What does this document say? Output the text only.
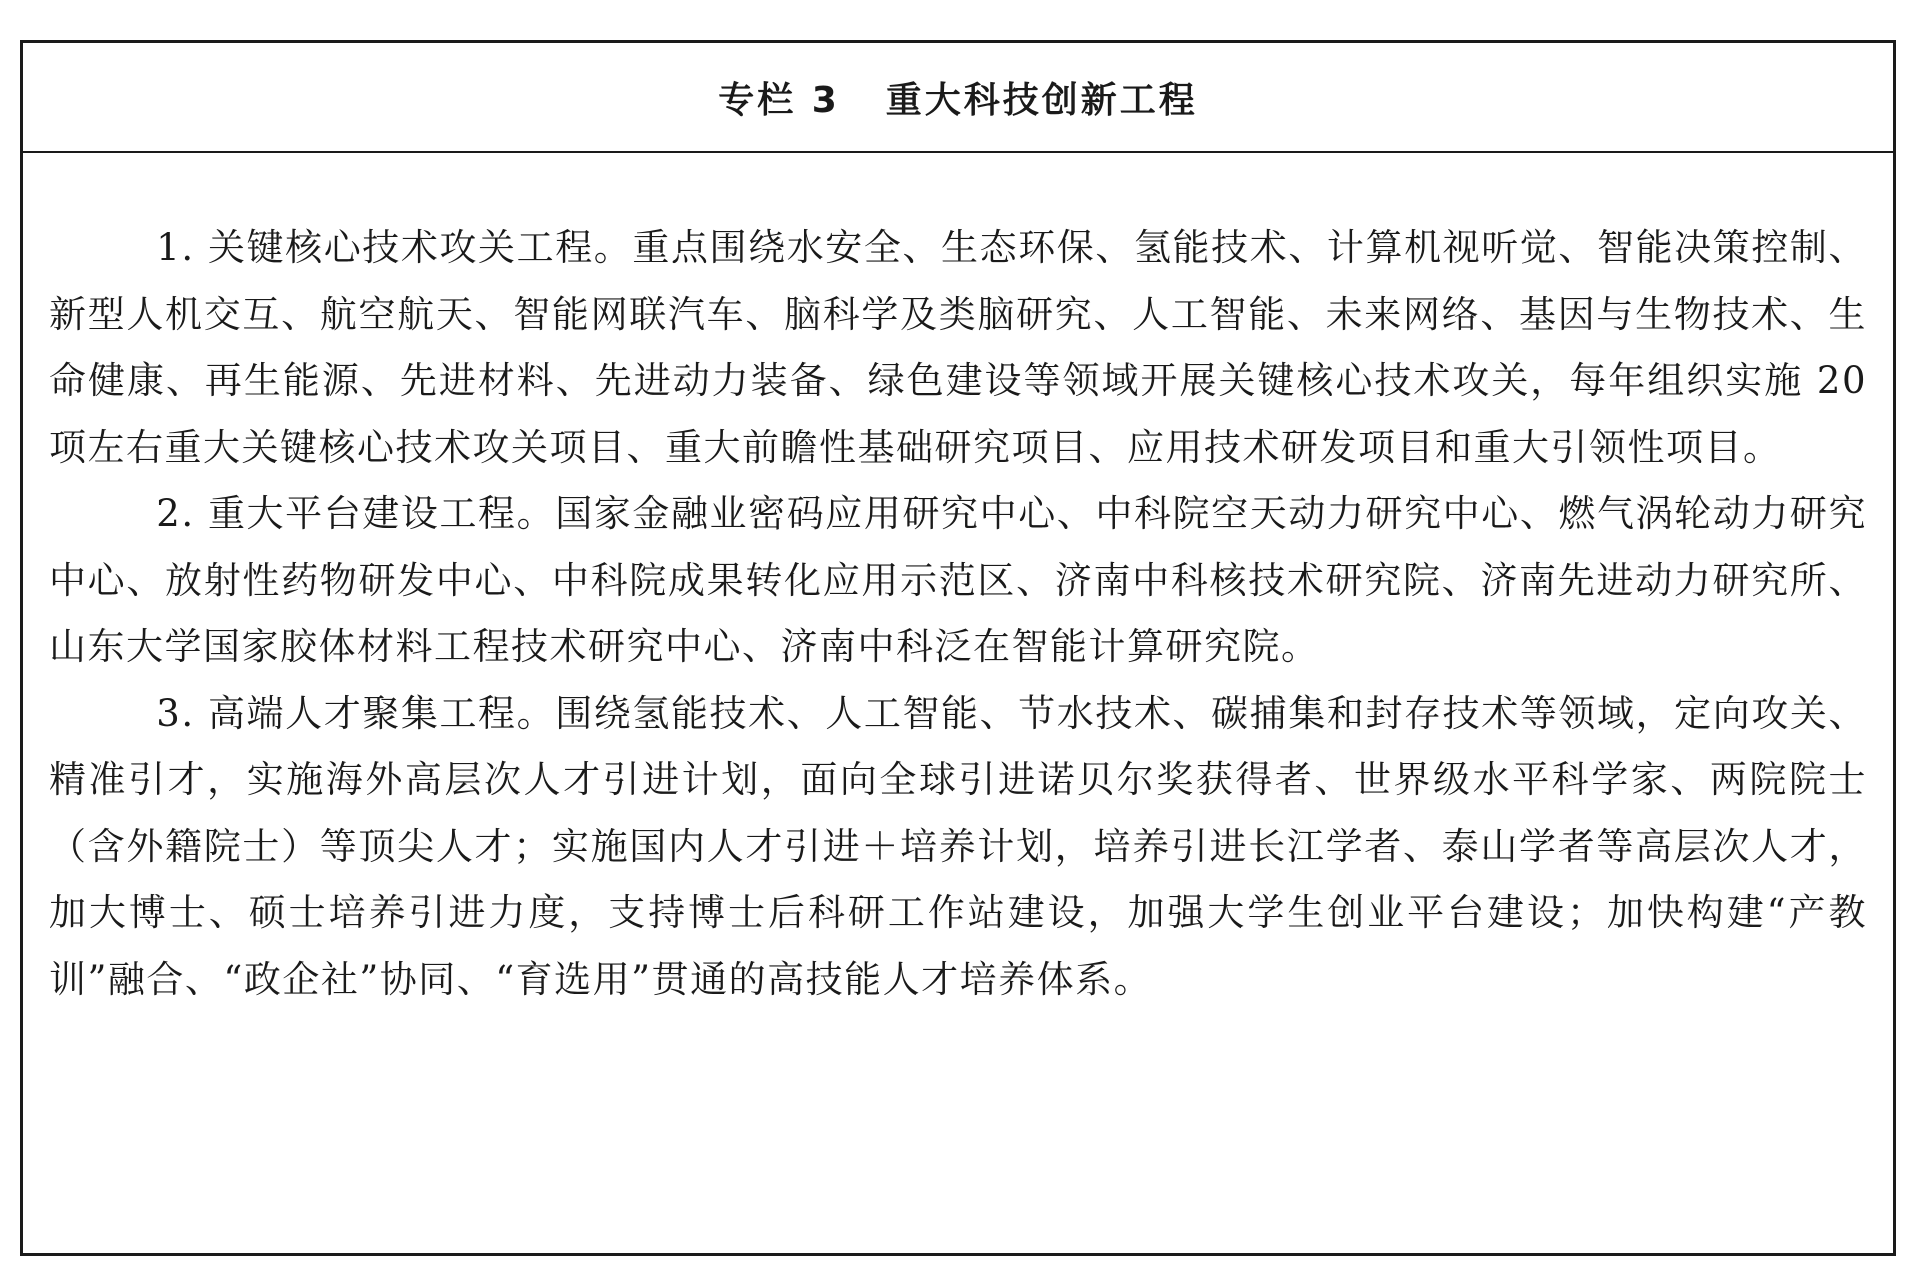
专栏 3 重大科技创新工程

1. 关键核心技术攻关工程。重点围绕水安全、生态环保、氢能技术、计算机视听觉、智能决策控制、新型人机交互、航空航天、智能网联汽车、脑科学及类脑研究、人工智能、未来网络、基因与生物技术、生命健康、再生能源、先进材料、先进动力装备、绿色建设等领域开展关键核心技术攻关，每年组织实施 20 项左右重大关键核心技术攻关项目、重大前瞻性基础研究项目、应用技术研发项目和重大引领性项目。

2. 重大平台建设工程。国家金融业密码应用研究中心、中科院空天动力研究中心、燃气涡轮动力研究中心、放射性药物研发中心、中科院成果转化应用示范区、济南中科核技术研究院、济南先进动力研究所、山东大学国家胶体材料工程技术研究中心、济南中科泛在智能计算研究院。

3. 高端人才聚集工程。围绕氢能技术、人工智能、节水技术、碳捕集和封存技术等领域，定向攻关、精准引才，实施海外高层次人才引进计划，面向全球引进诺贝尔奖获得者、世界级水平科学家、两院院士（含外籍院士）等顶尖人才；实施国内人才引进＋培养计划，培养引进长江学者、泰山学者等高层次人才，加大博士、硕士培养引进力度，支持博士后科研工作站建设，加强大学生创业平台建设；加快构建“产教训”融合、“政企社”协同、“育选用”贯通的高技能人才培养体系。
